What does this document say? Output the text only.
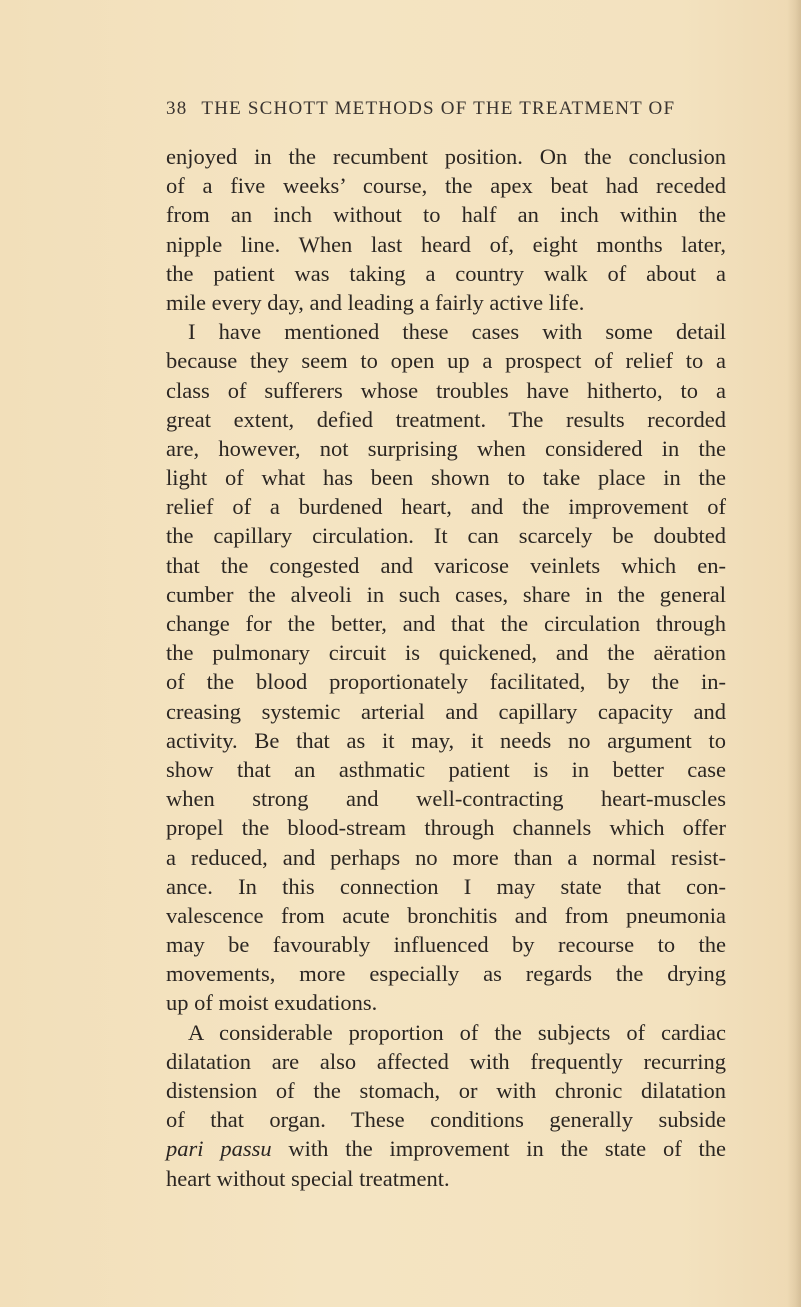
38 THE SCHOTT METHODS OF THE TREATMENT OF
enjoyed in the recumbent position. On the conclusion
of a five weeks’ course, the apex beat had receded
from an inch without to half an inch within the
nipple line. When last heard of, eight months later,
the patient was taking a country walk of about a
mile every day, and leading a fairly active life.
I have mentioned these cases with some detail
because they seem to open up a prospect of relief to a
class of sufferers whose troubles have hitherto, to a
great extent, defied treatment. The results recorded
are, however, not surprising when considered in the
light of what has been shown to take place in the
relief of a burdened heart, and the improvement of
the capillary circulation. It can scarcely be doubted
that the congested and varicose veinlets which en-
cumber the alveoli in such cases, share in the general
change for the better, and that the circulation through
the pulmonary circuit is quickened, and the aëration
of the blood proportionately facilitated, by the in-
creasing systemic arterial and capillary capacity and
activity. Be that as it may, it needs no argument to
show that an asthmatic patient is in better case
when strong and well-contracting heart-muscles
propel the blood-stream through channels which offer
a reduced, and perhaps no more than a normal resist-
ance. In this connection I may state that con-
valescence from acute bronchitis and from pneumonia
may be favourably influenced by recourse to the
movements, more especially as regards the drying
up of moist exudations.
A considerable proportion of the subjects of cardiac
dilatation are also affected with frequently recurring
distension of the stomach, or with chronic dilatation
of that organ. These conditions generally subside
pari passu with the improvement in the state of the
heart without special treatment.
